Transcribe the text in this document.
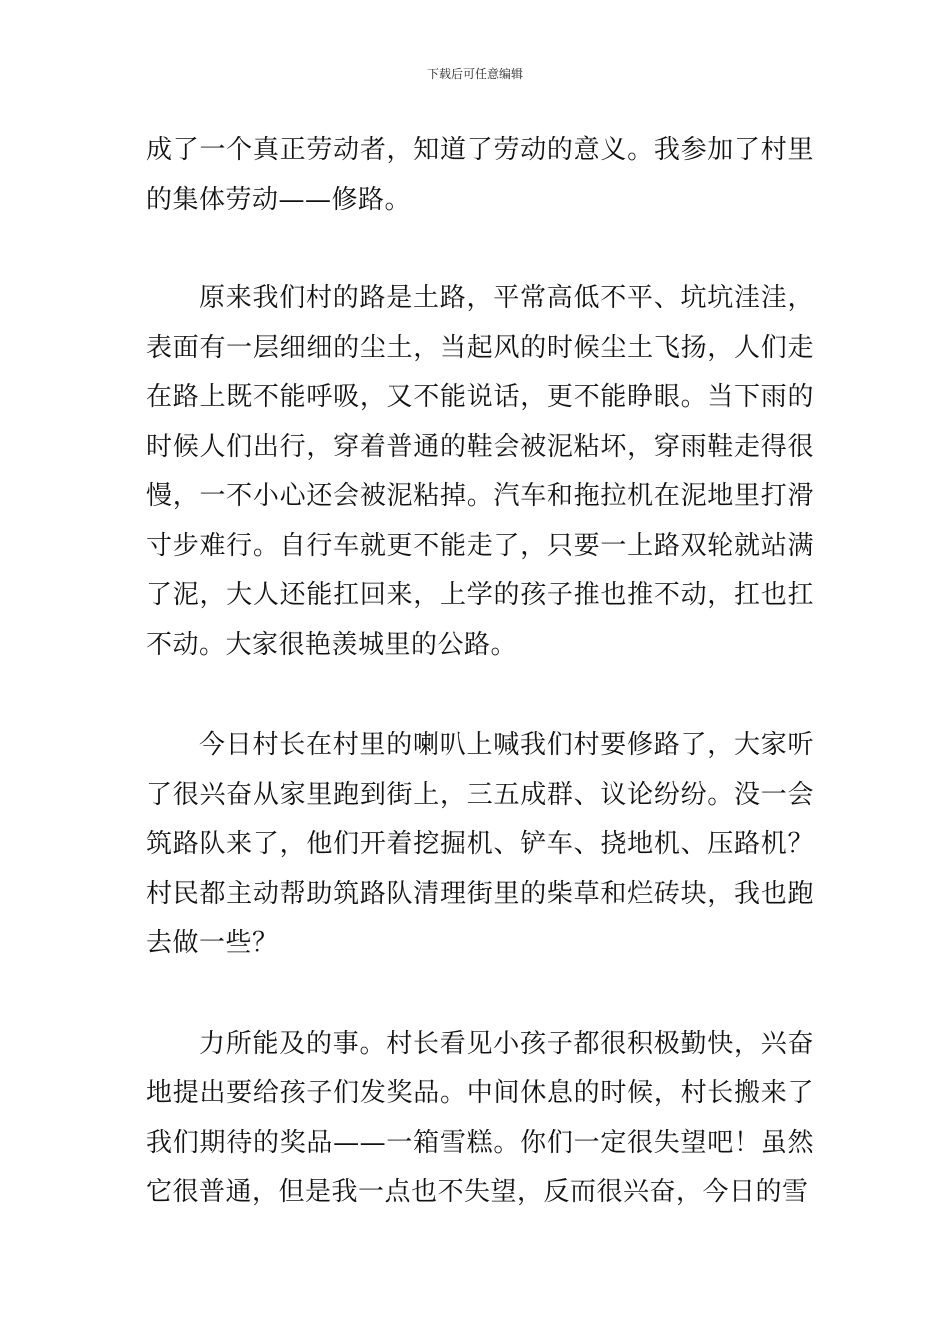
下载后可任意编辑

成了一个真正劳动者，知道了劳动的意义。我参加了村里的集体劳动——修路。

原来我们村的路是土路，平常高低不平、坑坑洼洼，表面有一层细细的尘土，当起风的时候尘土飞扬，人们走在路上既不能呼吸，又不能说话，更不能睁眼。当下雨的时候人们出行，穿着普通的鞋会被泥粘坏，穿雨鞋走得很慢，一不小心还会被泥粘掉。汽车和拖拉机在泥地里打滑寸步难行。自行车就更不能走了，只要一上路双轮就站满了泥，大人还能扛回来，上学的孩子推也推不动，扛也扛不动。大家很艳羡城里的公路。

今日村长在村里的喇叭上喊我们村要修路了，大家听了很兴奋从家里跑到街上，三五成群、议论纷纷。没一会筑路队来了，他们开着挖掘机、铲车、挠地机、压路机？村民都主动帮助筑路队清理街里的柴草和烂砖块，我也跑去做一些？

力所能及的事。村长看见小孩子都很积极勤快，兴奋地提出要给孩子们发奖品。中间休息的时候，村长搬来了我们期待的奖品——一箱雪糕。你们一定很失望吧！虽然它很普通，但是我一点也不失望，反而很兴奋，今日的雪
